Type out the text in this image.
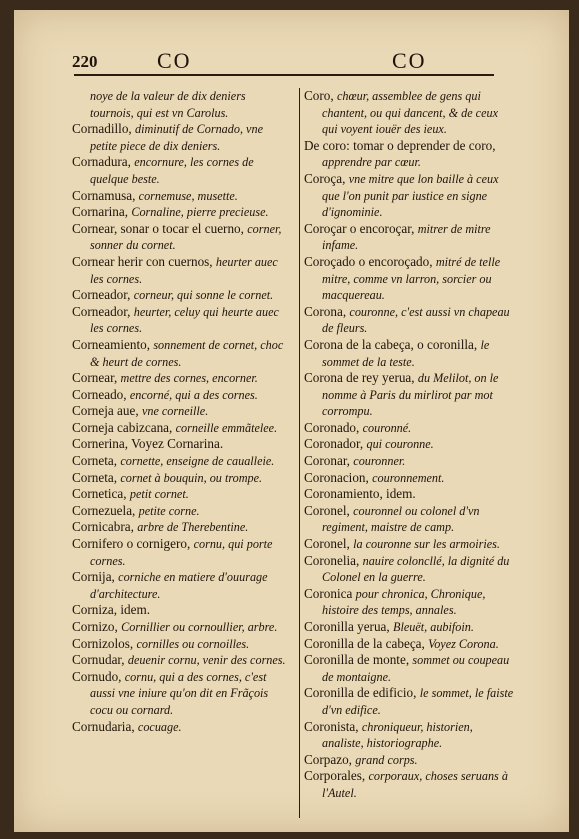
220	CO	CO

noye de la valeur de dix deniers tournois, qui est vn Carolus.

Cornadillo, diminutif de Cornado, vne petite piece de dix deniers.

Cornadura, encornure, les cornes de quelque beste.

Cornamusa, cornemuse, musette.

Cornarina, Cornaline, pierre precieuse.

Cornear, sonar o tocar el cuerno, corner, sonner du cornet.

Cornear herir con cuernos, heurter auec les cornes.

Corneador, corneur, qui sonne le cornet.

Corneador, heurter, celuy qui heurte auec les cornes.

Corneamiento, sonnement de cornet, choc & heurt de cornes.

Cornear, mettre des cornes, encorner.

Corneado, encorné, qui a des cornes.

Corneja aue, vne corneille.

Corneja cabizcana, corneille emmãtelee.

Cornerina, Voyez Cornarina.

Corneta, cornette, enseigne de caualleie.

Corneta, cornet à bouquin, ou trompe.

Cornetica, petit cornet.

Cornezuela, petite corne.

Cornicabra, arbre de Therebentine.

Cornifero o cornigero, cornu, qui porte cornes.

Cornija, corniche en matiere d'ouurage d'architecture.

Corniza, idem.

Cornizo, Cornillier ou cornoullier, arbre.

Cornizolos, cornilles ou cornoilles.

Cornudar, deuenir cornu, venir des cornes.

Cornudo, cornu, qui a des cornes, c'est aussi vne iniure qu'on dit en Frãçois cocu ou cornard.

Cornudaria, cocuage.

Coro, chœur, assemblee de gens qui chantent, ou qui dancent, & de ceux qui voyent iouër des ieux.

De coro: tomar o deprender de coro, apprendre par cœur.

Coroça, vne mitre que lon baille à ceux que l'on punit par iustice en signe d'ignominie.

Coroçar o encoroçar, mitrer de mitre infame.

Coroçado o encoroçado, mitré de telle mitre, comme vn larron, sorcier ou macquereau.

Corona, couronne, c'est aussi vn chapeau de fleurs.

Corona de la cabeça, o coronilla, le sommet de la teste.

Corona de rey yerua, du Melilot, on le nomme à Paris du mirlirot par mot corrompu.

Coronado, couronné.

Coronador, qui couronne.

Coronar, couronner.

Coronacion, couronnement.

Coronamiento, idem.

Coronel, couronnel ou colonel d'vn regiment, maistre de camp.

Coronel, la couronne sur les armoiries.

Coronelia, nauire coloncllé, la dignité du Colonel en la guerre.

Coronica pour chronica, Chronique, histoire des temps, annales.

Coronilla yerua, Bleuët, aubifoin.

Coronilla de la cabeça, Voyez Corona.

Coronilla de monte, sommet ou coupeau de montaigne.

Coronilla de edificio, le sommet, le faiste d'vn edifice.

Coronista, chroniqueur, historien, analiste, historiographe.

Corpazo, grand corps.

Corporales, corporaux, choses seruans à l'Autel.
